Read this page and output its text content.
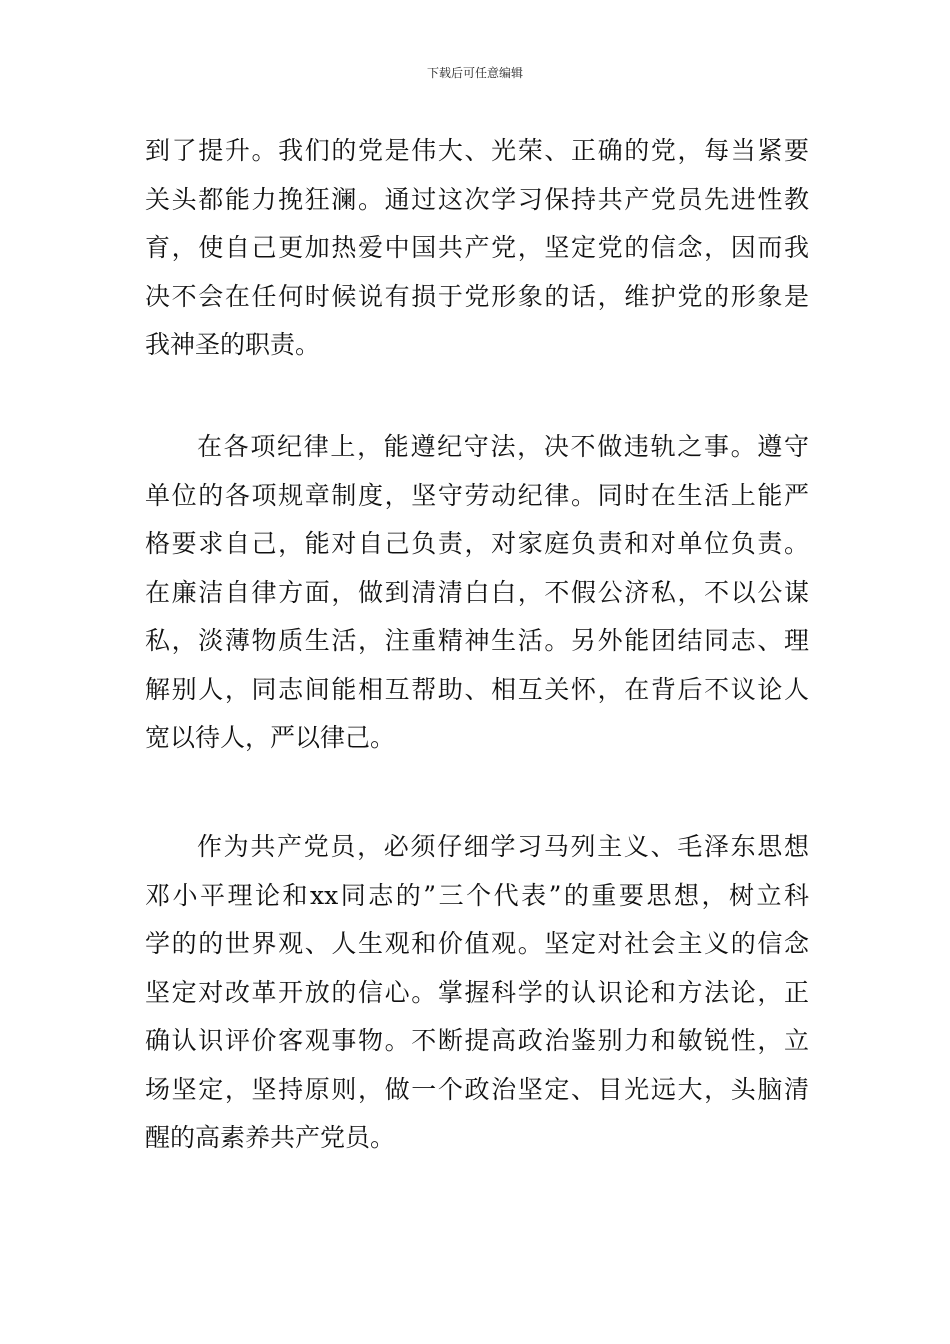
下载后可任意编辑
到了提升。我们的党是伟大、光荣、正确的党，每当紧要
关头都能力挽狂澜。通过这次学习保持共产党员先进性教
育，使自己更加热爱中国共产党，坚定党的信念，因而我
决不会在任何时候说有损于党形象的话，维护党的形象是
我神圣的职责。
在各项纪律上，能遵纪守法，决不做违轨之事。遵守
单位的各项规章制度，坚守劳动纪律。同时在生活上能严
格要求自己，能对自己负责，对家庭负责和对单位负责。
在廉洁自律方面，做到清清白白，不假公济私，不以公谋
私，淡薄物质生活，注重精神生活。另外能团结同志、理
解别人，同志间能相互帮助、相互关怀，在背后不议论人
宽以待人，严以律己。
作为共产党员，必须仔细学习马列主义、毛泽东思想
邓小平理论和xx同志的”三个代表”的重要思想，树立科
学的的世界观、人生观和价值观。坚定对社会主义的信念
坚定对改革开放的信心。掌握科学的认识论和方法论，正
确认识评价客观事物。不断提高政治鉴别力和敏锐性，立
场坚定，坚持原则，做一个政治坚定、目光远大，头脑清
醒的高素养共产党员。
